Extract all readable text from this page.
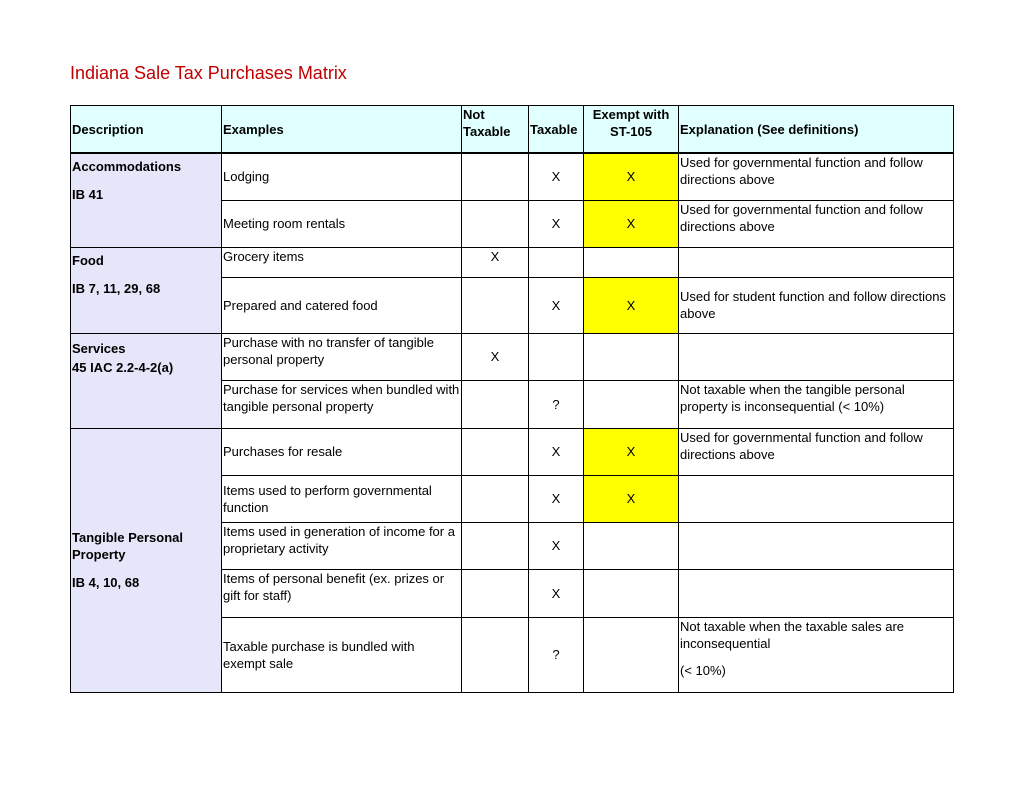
Indiana Sale Tax Purchases Matrix
Description	Examples	Not Taxable	Taxable	Exempt with ST-105	Explanation (See definitions)

Accommodations
IB 41	Lodging		X	X	Used for governmental function and follow directions above
	Meeting room rentals		X	X	Used for governmental function and follow directions above

Food
IB 7, 11, 29, 68	Grocery items	X			
	Prepared and catered food		X	X	Used for student function and follow directions above

Services
45 IAC 2.2-4-2(a)	Purchase with no transfer of tangible personal property	X			
	Purchase for services when bundled with tangible personal property		?		Not taxable when the tangible personal property is inconsequential (< 10%)

Tangible Personal Property
IB 4, 10, 68	Purchases for resale		X	X	Used for governmental function and follow directions above
	Items used to perform governmental function		X	X	
	Items used in generation of income for a proprietary activity		X		
	Items of personal benefit (ex. prizes or gift for staff)		X		
	Taxable purchase is bundled with exempt sale		?		Not taxable when the taxable sales are inconsequential
(< 10%)
